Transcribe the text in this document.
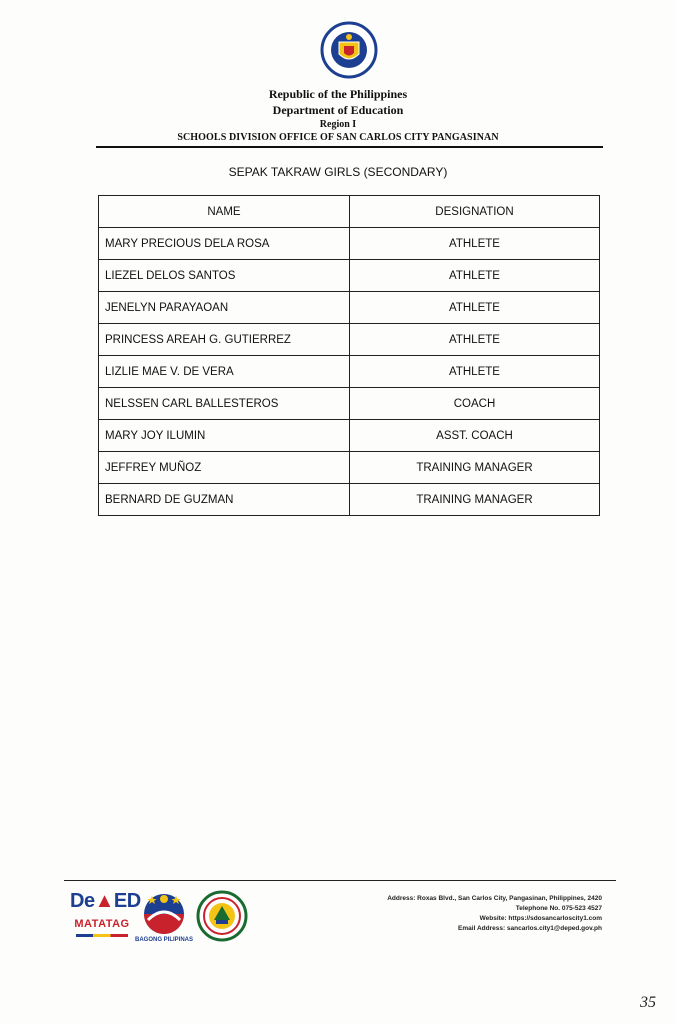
Republic of the Philippines
Department of Education
Region I
SCHOOLS DIVISION OFFICE OF SAN CARLOS CITY PANGASINAN
SEPAK TAKRAW GIRLS (SECONDARY)
NAME	DESIGNATION
MARY PRECIOUS DELA ROSA	ATHLETE
LIEZEL DELOS SANTOS	ATHLETE
JENELYN PARAYAOAN	ATHLETE
PRINCESS AREAH G. GUTIERREZ	ATHLETE
LIZLIE MAE V. DE VERA	ATHLETE
NELSSEN CARL BALLESTEROS	COACH
MARY JOY ILUMIN	ASST. COACH
JEFFREY MUÑOZ	TRAINING MANAGER
BERNARD DE GUZMAN	TRAINING MANAGER
De▲ED
MATATAG
BAGONG PILIPINAS
Address: Roxas Blvd., San Carlos City, Pangasinan, Philippines, 2420
Telephone No. 075-523 4527
Website: https://sdosancarloscity1.com
Email Address: sancarlos.city1@deped.gov.ph
35
